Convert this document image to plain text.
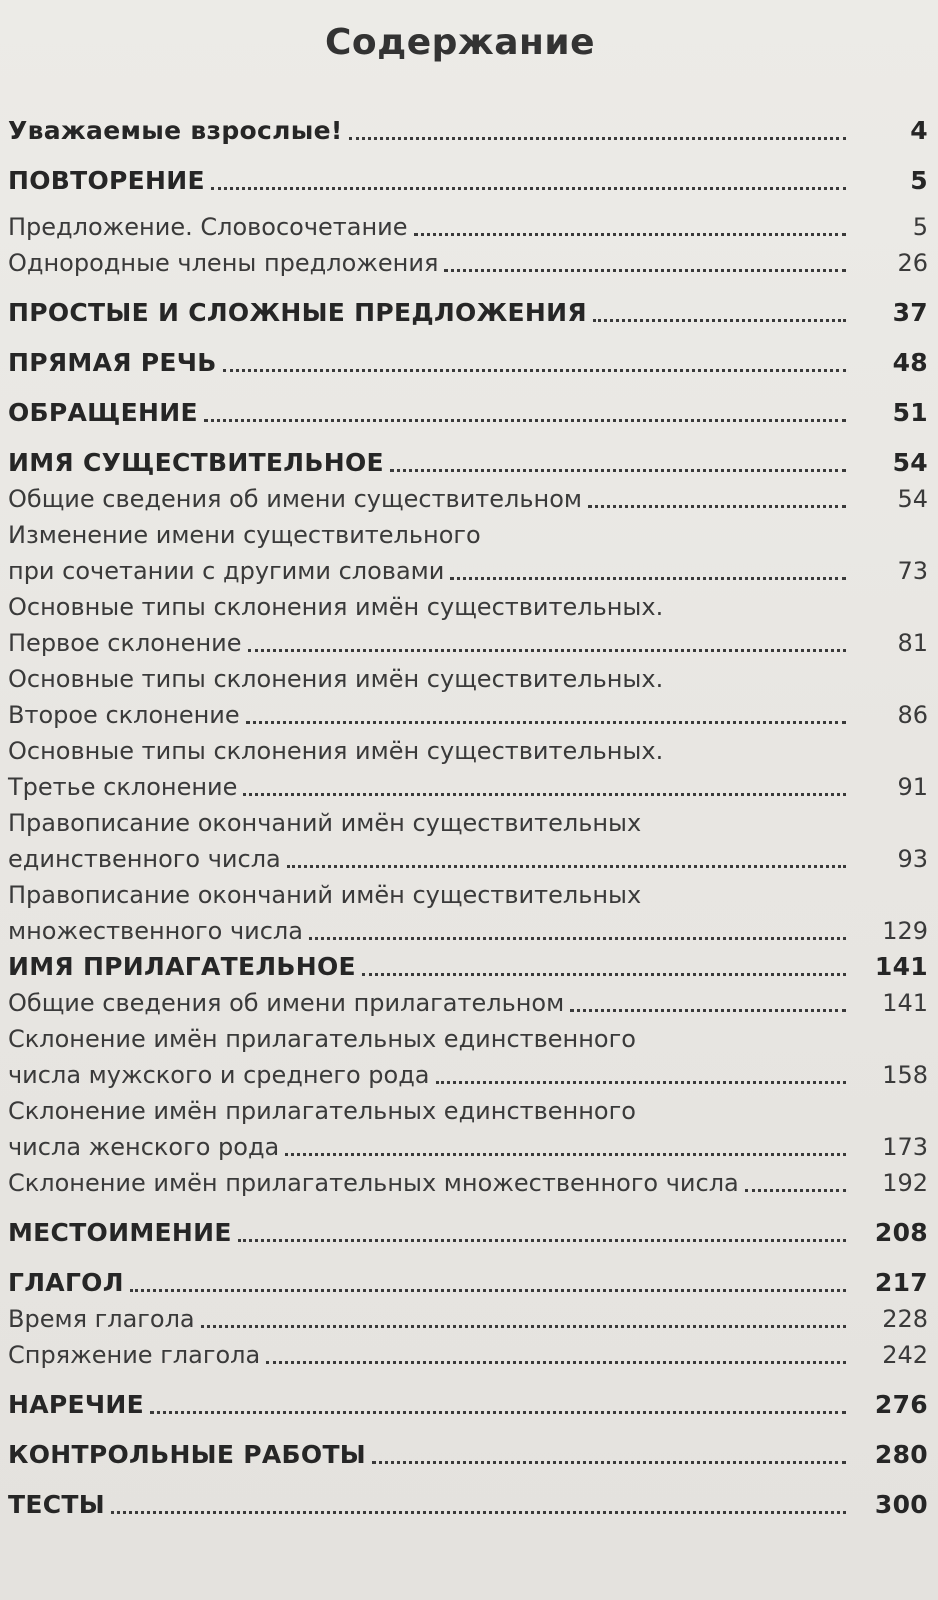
Содержание
Уважаемые взрослые!	4
ПОВТОРЕНИЕ	5
Предложение. Словосочетание	5
Однородные члены предложения	26
ПРОСТЫЕ И СЛОЖНЫЕ ПРЕДЛОЖЕНИЯ	37
ПРЯМАЯ РЕЧЬ	48
ОБРАЩЕНИЕ	51
ИМЯ СУЩЕСТВИТЕЛЬНОЕ	54
Общие сведения об имени существительном	54
Изменение имени существительного
при сочетании с другими словами	73
Основные типы склонения имён существительных.
Первое склонение	81
Основные типы склонения имён существительных.
Второе склонение	86
Основные типы склонения имён существительных.
Третье склонение	91
Правописание окончаний имён существительных
единственного числа	93
Правописание окончаний имён существительных
множественного числа	129
ИМЯ ПРИЛАГАТЕЛЬНОЕ	141
Общие сведения об имени прилагательном	141
Склонение имён прилагательных единственного
числа мужского и среднего рода	158
Склонение имён прилагательных единственного
числа женского рода	173
Склонение имён прилагательных множественного числа	192
МЕСТОИМЕНИЕ	208
ГЛАГОЛ	217
Время глагола	228
Спряжение глагола	242
НАРЕЧИЕ	276
КОНТРОЛЬНЫЕ РАБОТЫ	280
ТЕСТЫ	300
